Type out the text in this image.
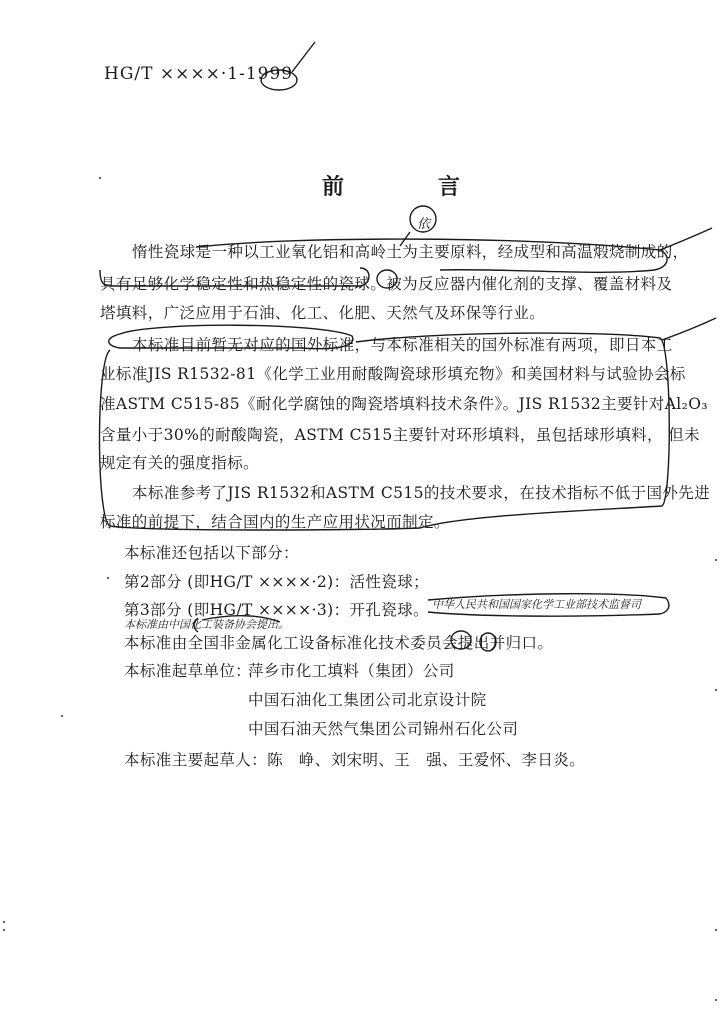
HG/T ××××·1-1999
前	言
惰性瓷球是一种以工业氧化铝和高岭土为主要原料，经成型和高温煅烧制成的，
具有足够化学稳定性和热稳定性的瓷球。被为反应器内催化剂的支撑、覆盖材料及
塔填料，广泛应用于石油、化工、化肥、天然气及环保等行业。
本标准目前暂无对应的国外标准，与本标准相关的国外标准有两项，即日本工
业标准JIS R1532-81《化学工业用耐酸陶瓷球形填充物》和美国材料与试验协会标
准ASTM C515-85《耐化学腐蚀的陶瓷塔填料技术条件》。JIS R1532主要针对Al₂O₃
含量小于30%的耐酸陶瓷，ASTM C515主要针对环形填料，虽包括球形填料， 但未
规定有关的强度指标。
本标准参考了JIS R1532和ASTM C515的技术要求，在技术指标不低于国外先进
标准的前提下，结合国内的生产应用状况而制定。
本标准还包括以下部分：
第2部分 (即HG/T ××××·2)：活性瓷球；
第3部分 (即HG/T ××××·3)：开孔瓷球。
本标准由中国化工装备协会提出。
中华人民共和国国家化学工业部技术监督司
本标准由全国非金属化工设备标准化技术委员会提出并归口。
本标准起草单位：
萍乡市化工填料（集团）公司
中国石油化工集团公司北京设计院
中国石油天然气集团公司锦州石化公司
本标准主要起草人：陈　峥、刘宋明、王　强、王爱怀、李日炎。
依
